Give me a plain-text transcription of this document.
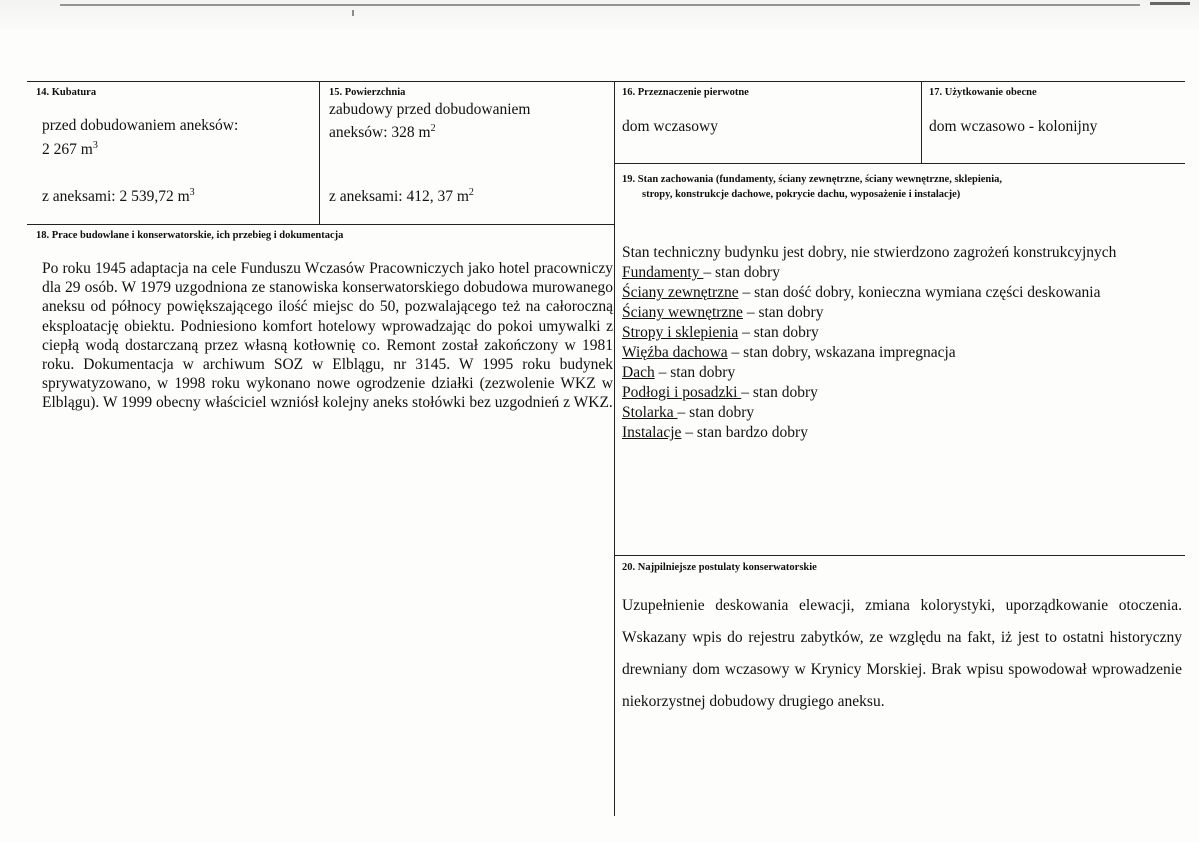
14. Kubatura
przed dobudowaniem aneksów:
2 267 $m^3$
z aneksami: 2 539,72 $m^3$
15. Powierzchnia
zabudowy przed dobudowaniem
aneksów: 328 $m^2$
z aneksami: 412, 37 $m^2$
16. Przeznaczenie pierwotne
dom wczasowy
17. Użytkowanie obecne
dom wczasowo - kolonijny
18. Prace budowlane i konserwatorskie, ich przebieg i dokumentacja

Po roku 1945 adaptacja na cele Funduszu Wczasów Pracowniczych jako hotel pracowniczy dla 29 osób. W 1979 uzgodniona ze stanowiska konserwatorskiego dobudowa murowanego aneksu od północy powiększającego ilość miejsc do 50, pozwalającego też na całoroczną eksploatację obiektu. Podniesiono komfort hotelowy wprowadzając do pokoi umywalki z ciepłą wodą dostarczaną przez własną kotłownię co. Remont został zakończony w 1981 roku. Dokumentacja w archiwum SOZ w Elblągu, nr 3145. W 1995 roku budynek sprywatyzowano, w 1998 roku wykonano nowe ogrodzenie działki (zezwolenie WKZ w Elblągu). W 1999 obecny właściciel wzniósł kolejny aneks stołówki bez uzgodnień z WKZ.

19. Stan zachowania (fundamenty, ściany zewnętrzne, ściany wewnętrzne, sklepienia,
stropy, konstrukcje dachowe, pokrycie dachu, wyposażenie i instalacje)
Stan techniczny budynku jest dobry, nie stwierdzono zagrożeń konstrukcyjnych
Fundamenty – stan dobry
Ściany zewnętrzne – stan dość dobry, konieczna wymiana części deskowania
Ściany wewnętrzne – stan dobry
Stropy i sklepienia – stan dobry
Więźba dachowa – stan dobry, wskazana impregnacja
Dach – stan dobry
Podłogi i posadzki – stan dobry
Stolarka – stan dobry
Instalacje – stan bardzo dobry
20. Najpilniejsze postulaty konserwatorskie

Uzupełnienie deskowania elewacji, zmiana kolorystyki, uporządkowanie otoczenia. Wskazany wpis do rejestru zabytków, ze względu na fakt, iż jest to ostatni historyczny drewniany dom wczasowy w Krynicy Morskiej. Brak wpisu spowodował wprowadzenie niekorzystnej dobudowy drugiego aneksu.
